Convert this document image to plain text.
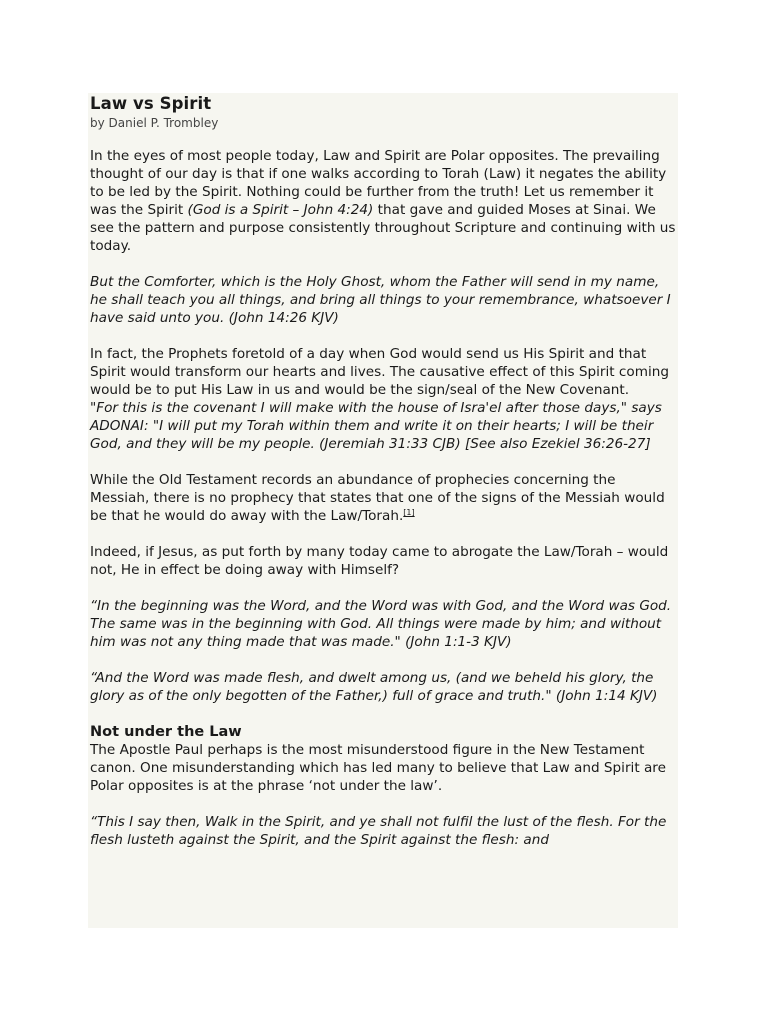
Law vs Spirit
by Daniel P. Trombley

In the eyes of most people today, Law and Spirit are Polar opposites. The prevailing thought of our day is that if one walks according to Torah (Law) it negates the ability to be led by the Spirit. Nothing could be further from the truth! Let us remember it was the Spirit (God is a Spirit – John 4:24) that gave and guided Moses at Sinai. We see the pattern and purpose consistently throughout Scripture and continuing with us today.

But the Comforter, which is the Holy Ghost, whom the Father will send in my name, he shall teach you all things, and bring all things to your remembrance, whatsoever I have said unto you. (John 14:26 KJV)

In fact, the Prophets foretold of a day when God would send us His Spirit and that Spirit would transform our hearts and lives. The causative effect of this Spirit coming would be to put His Law in us and would be the sign/seal of the New Covenant.

"For this is the covenant I will make with the house of Isra'el after those days," says ADONAI: "I will put my Torah within them and write it on their hearts; I will be their God, and they will be my people. (Jeremiah 31:33 CJB) [See also Ezekiel 36:26-27]

While the Old Testament records an abundance of prophecies concerning the Messiah, there is no prophecy that states that one of the signs of the Messiah would be that he would do away with the Law/Torah.[1]

Indeed, if Jesus, as put forth by many today came to abrogate the Law/Torah – would not, He in effect be doing away with Himself?

“In the beginning was the Word, and the Word was with God, and the Word was God. The same was in the beginning with God. All things were made by him; and without him was not any thing made that was made." (John 1:1-3 KJV)

“And the Word was made flesh, and dwelt among us, (and we beheld his glory, the glory as of the only begotten of the Father,) full of grace and truth." (John 1:14 KJV)

Not under the Law

The Apostle Paul perhaps is the most misunderstood figure in the New Testament canon. One misunderstanding which has led many to believe that Law and Spirit are Polar opposites is at the phrase ‘not under the law’.

“This I say then, Walk in the Spirit, and ye shall not fulfil the lust of the flesh. For the flesh lusteth against the Spirit, and the Spirit against the flesh: and
